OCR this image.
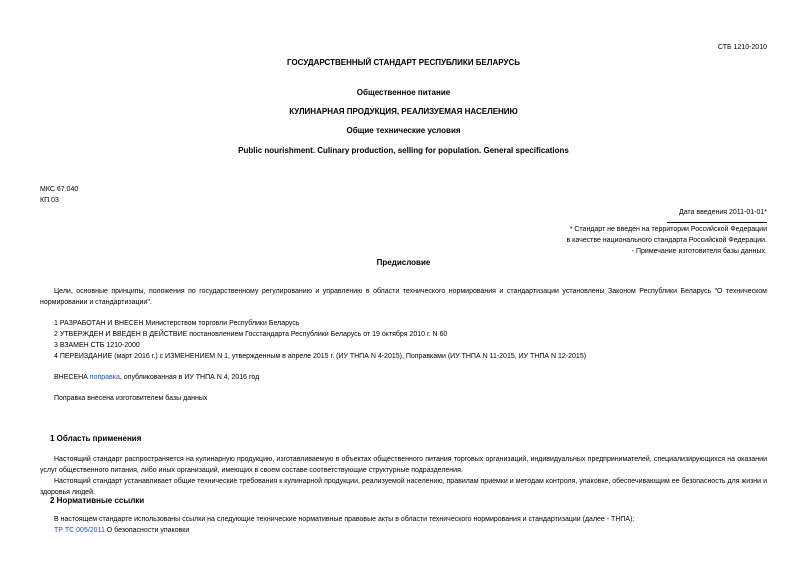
СТБ 1210-2010
ГОСУДАРСТВЕННЫЙ СТАНДАРТ РЕСПУБЛИКИ БЕЛАРУСЬ
Общественное питание
КУЛИНАРНАЯ ПРОДУКЦИЯ, РЕАЛИЗУЕМАЯ НАСЕЛЕНИЮ
Общие технические условия
Public nourishment. Culinary production, selling for population. General specifications
МКС 67.040
КП 03
Дата введения 2011-01-01*
* Стандарт не введен на территории Российской Федерации
в качестве национального стандарта Российской Федерации.
- Примечание изготовителя базы данных.
Предисловие
Цели, основные принципы, положения по государственному регулированию и управлению в области технического нормирования и стандартизации установлены Законом Республики Беларусь "О техническом нормировании и стандартизации".
1 РАЗРАБОТАН И ВНЕСЕН Министерством торговли Республики Беларусь
2 УТВЕРЖДЕН И ВВЕДЕН В ДЕЙСТВИЕ постановлением Госстандарта Республики Беларусь от 19 октября 2010 г. N 60
3 ВЗАМЕН СТБ 1210-2000
4 ПЕРЕИЗДАНИЕ (март 2016 г.) с ИЗМЕНЕНИЕМ N 1, утвержденным в апреле 2015 г. (ИУ ТНПА N 4-2015), Поправками (ИУ ТНПА N 11-2015, ИУ ТНПА N 12-2015)
ВНЕСЕНА поправка, опубликованная в ИУ ТНПА N 4, 2016 год
Поправка внесена изготовителем базы данных
1 Область применения
Настоящий стандарт распространяется на кулинарную продукцию, изготавливаемую в объектах общественного питания торговых организаций, индивидуальных предпринимателей, специализирующихся на оказании услуг общественного питания, либо иных организаций, имеющих в своем составе соответствующие структурные подразделения.
Настоящий стандарт устанавливает общие технические требования к кулинарной продукции, реализуемой населению, правилам приемки и методам контроля, упаковке, обеспечивающим ее безопасность для жизни и здоровья людей.
2 Нормативные ссылки
В настоящем стандарте использованы ссылки на следующие технические нормативные правовые акты в области технического нормирования и стандартизации (далее - ТНПА):
ТР ТС 005/2011 О безопасности упаковки
